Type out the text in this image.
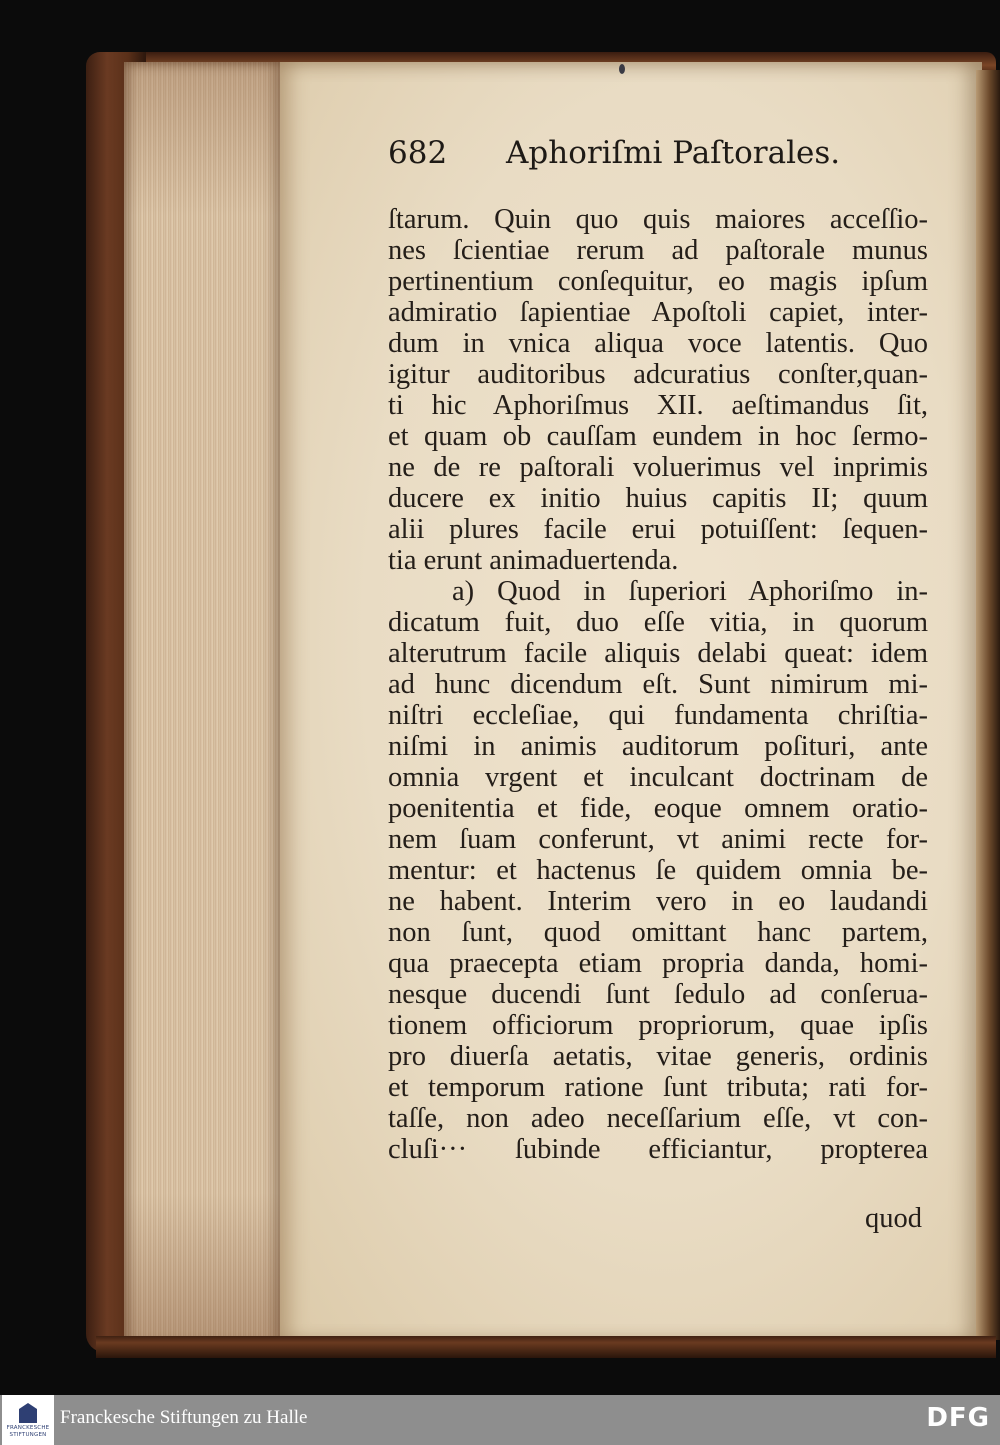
682 Aphoriſmi Paſtorales.
ſtarum. Quin quo quis maiores acceſſio-
nes ſcientiae rerum ad paſtorale munus
pertinentium conſequitur, eo magis ipſum
admiratio ſapientiae Apoſtoli capiet, inter-
dum in vnica aliqua voce latentis. Quo
igitur auditoribus adcuratius conſter,quan-
ti hic Aphoriſmus XII. aeſtimandus ſit,
et quam ob cauſſam eundem in hoc ſermo-
ne de re paſtorali voluerimus vel inprimis
ducere ex initio huius capitis II; quum
alii plures facile erui potuiſſent: ſequen-
tia erunt animaduertenda.
a) Quod in ſuperiori Aphoriſmo in-
dicatum fuit, duo eſſe vitia, in quorum
alterutrum facile aliquis delabi queat: idem
ad hunc dicendum eſt. Sunt nimirum mi-
niſtri eccleſiae, qui fundamenta chriſtia-
niſmi in animis auditorum poſituri, ante
omnia vrgent et inculcant doctrinam de
poenitentia et fide, eoque omnem oratio-
nem ſuam conferunt, vt animi recte for-
mentur: et hactenus ſe quidem omnia be-
ne habent. Interim vero in eo laudandi
non ſunt, quod omittant hanc partem,
qua praecepta etiam propria danda, homi-
nesque ducendi ſunt ſedulo ad conſerua-
tionem officiorum propriorum, quae ipſis
pro diuerſa aetatis, vitae generis, ordinis
et temporum ratione ſunt tributa; rati for-
taſſe, non adeo neceſſarium eſſe, vt con-
cluſi··· ſubinde efficiantur, propterea
quod
FRANCKESCHE STIFTUNGEN
Franckesche Stiftungen zu Halle	DFG
